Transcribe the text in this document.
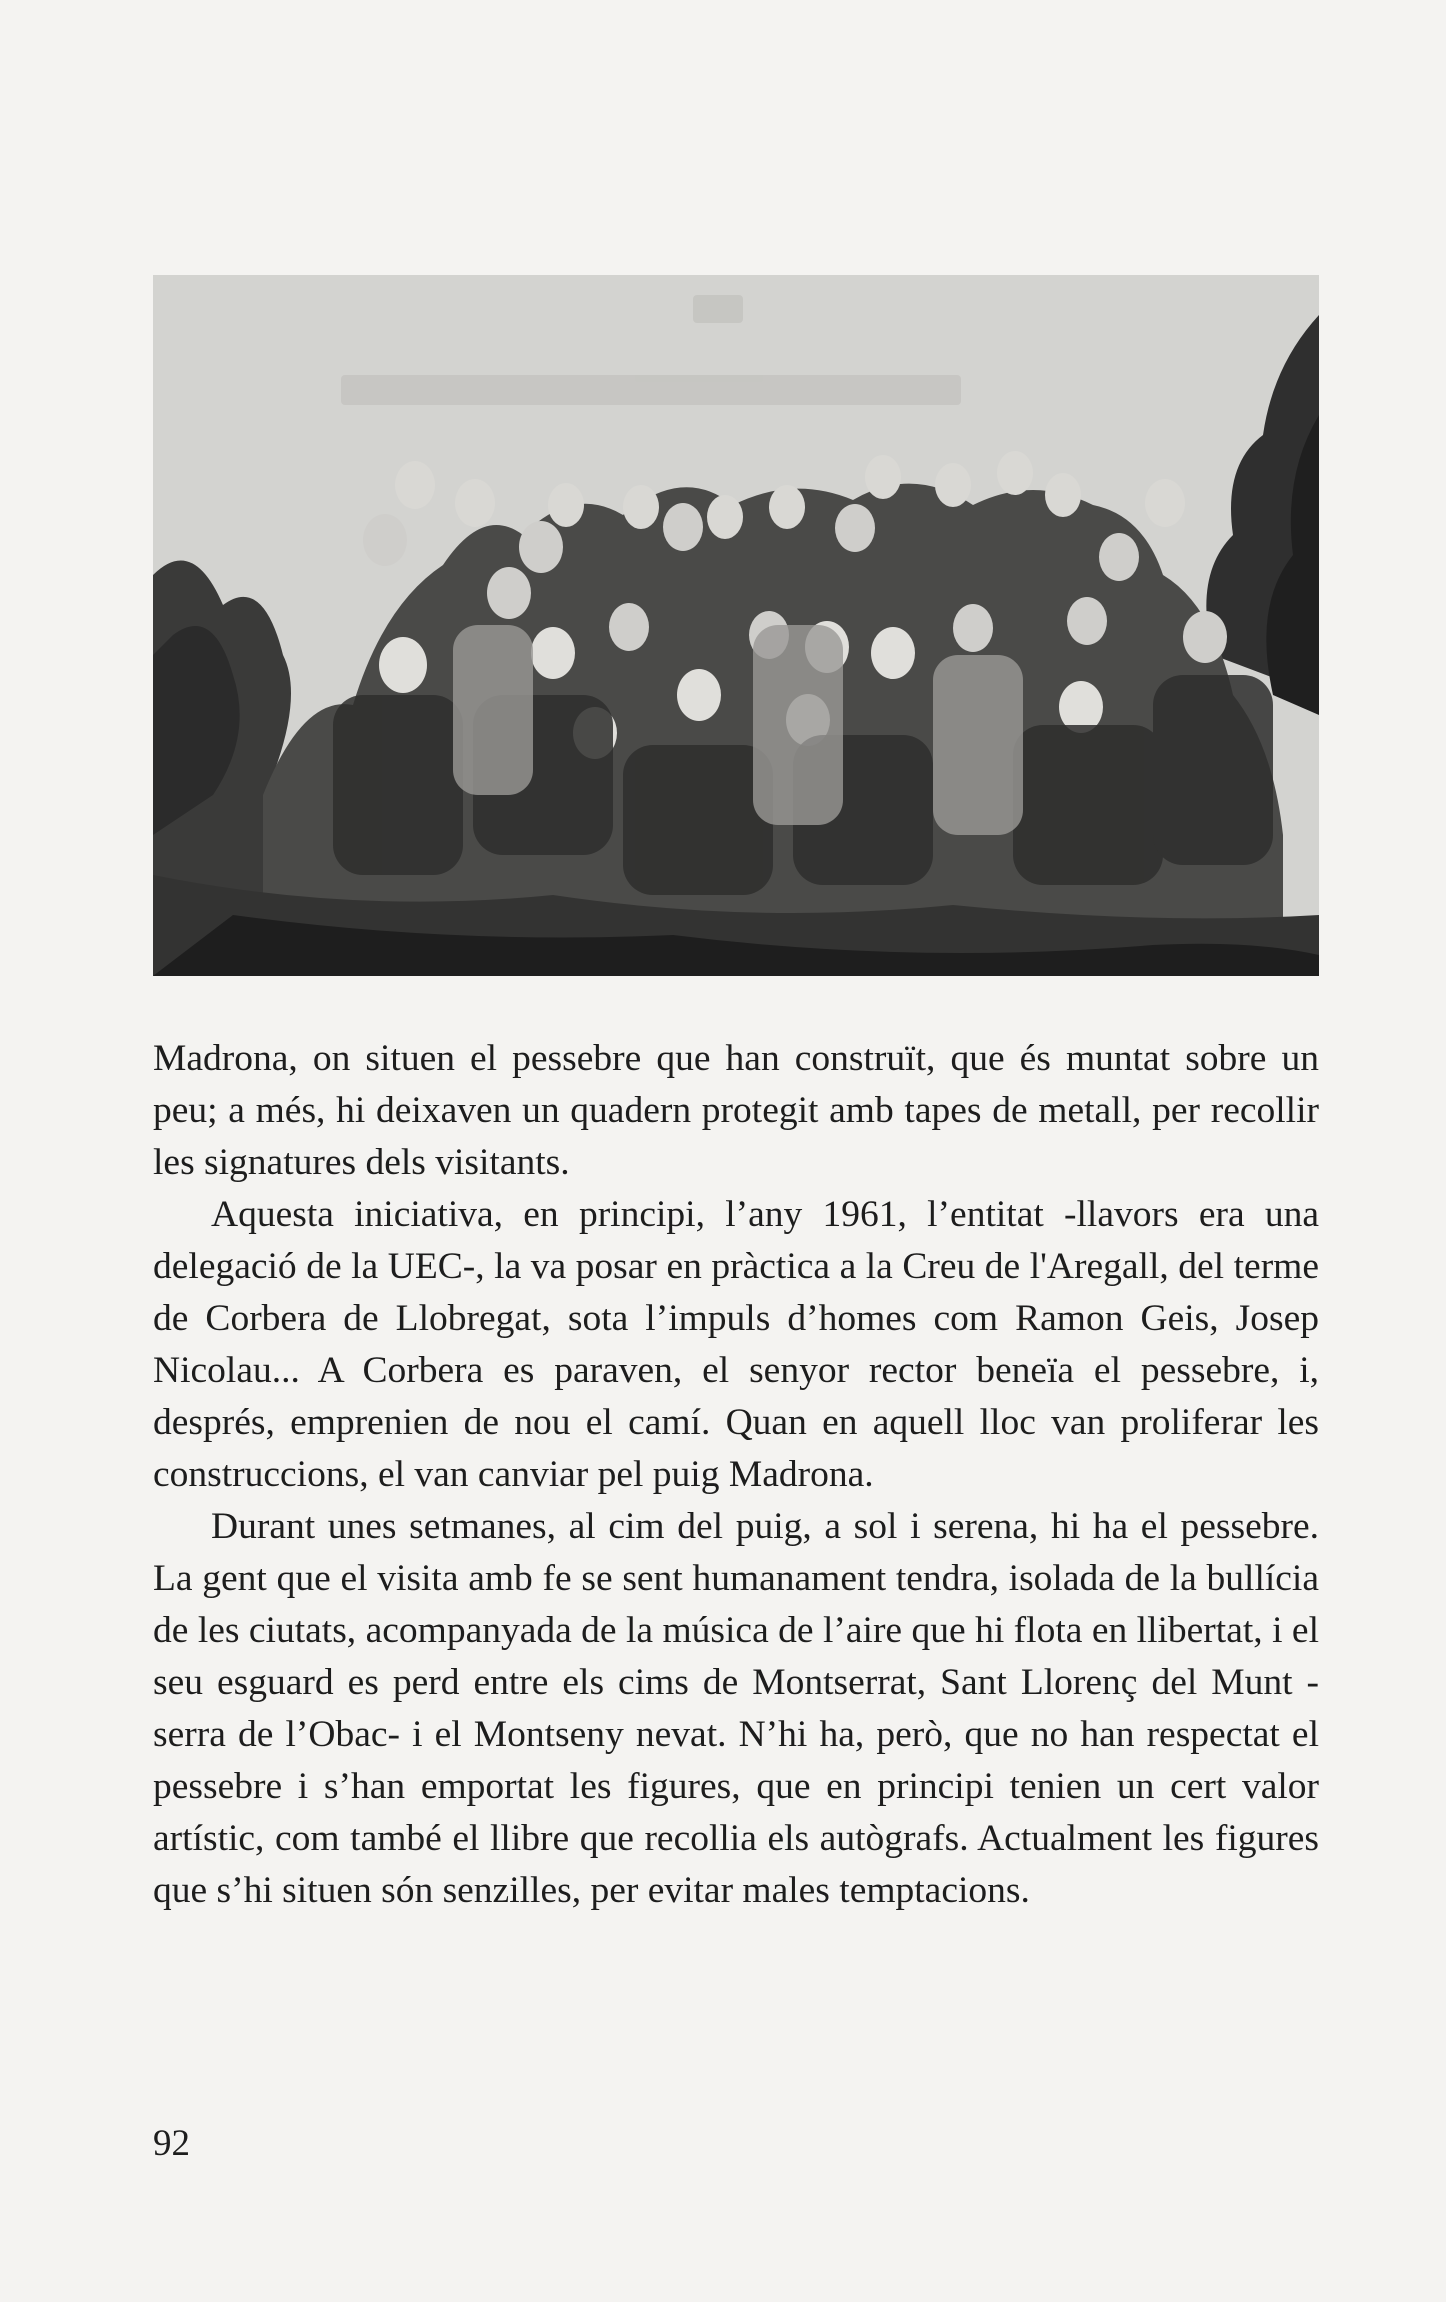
Madrona, on situen el pessebre que han construït, que és muntat sobre un peu; a més, hi deixaven un quadern protegit amb tapes de metall, per recollir les signatures dels visitants.

Aquesta iniciativa, en principi, l’any 1961, l’entitat -llavors era una delegació de la UEC-, la va posar en pràctica a la Creu de l'Aregall, del terme de Corbera de Llobregat, sota l’impuls d’homes com Ramon Geis, Josep Nicolau... A Corbera es paraven, el senyor rector beneïa el pessebre, i, després, emprenien de nou el camí. Quan en aquell lloc van proliferar les construccions, el van canviar pel puig Madrona.

Durant unes setmanes, al cim del puig, a sol i serena, hi ha el pessebre. La gent que el visita amb fe se sent humanament tendra, isolada de la bullícia de les ciutats, acompanyada de la música de l’aire que hi flota en llibertat, i el seu esguard es perd entre els cims de Montserrat, Sant Llorenç del Munt -serra de l’Obac- i el Montseny nevat. N’hi ha, però, que no han respectat el pessebre i s’han emportat les figures, que en principi tenien un cert valor artístic, com també el llibre que recollia els autògrafs. Actualment les figures que s’hi situen són senzilles, per evitar males temptacions.

92
